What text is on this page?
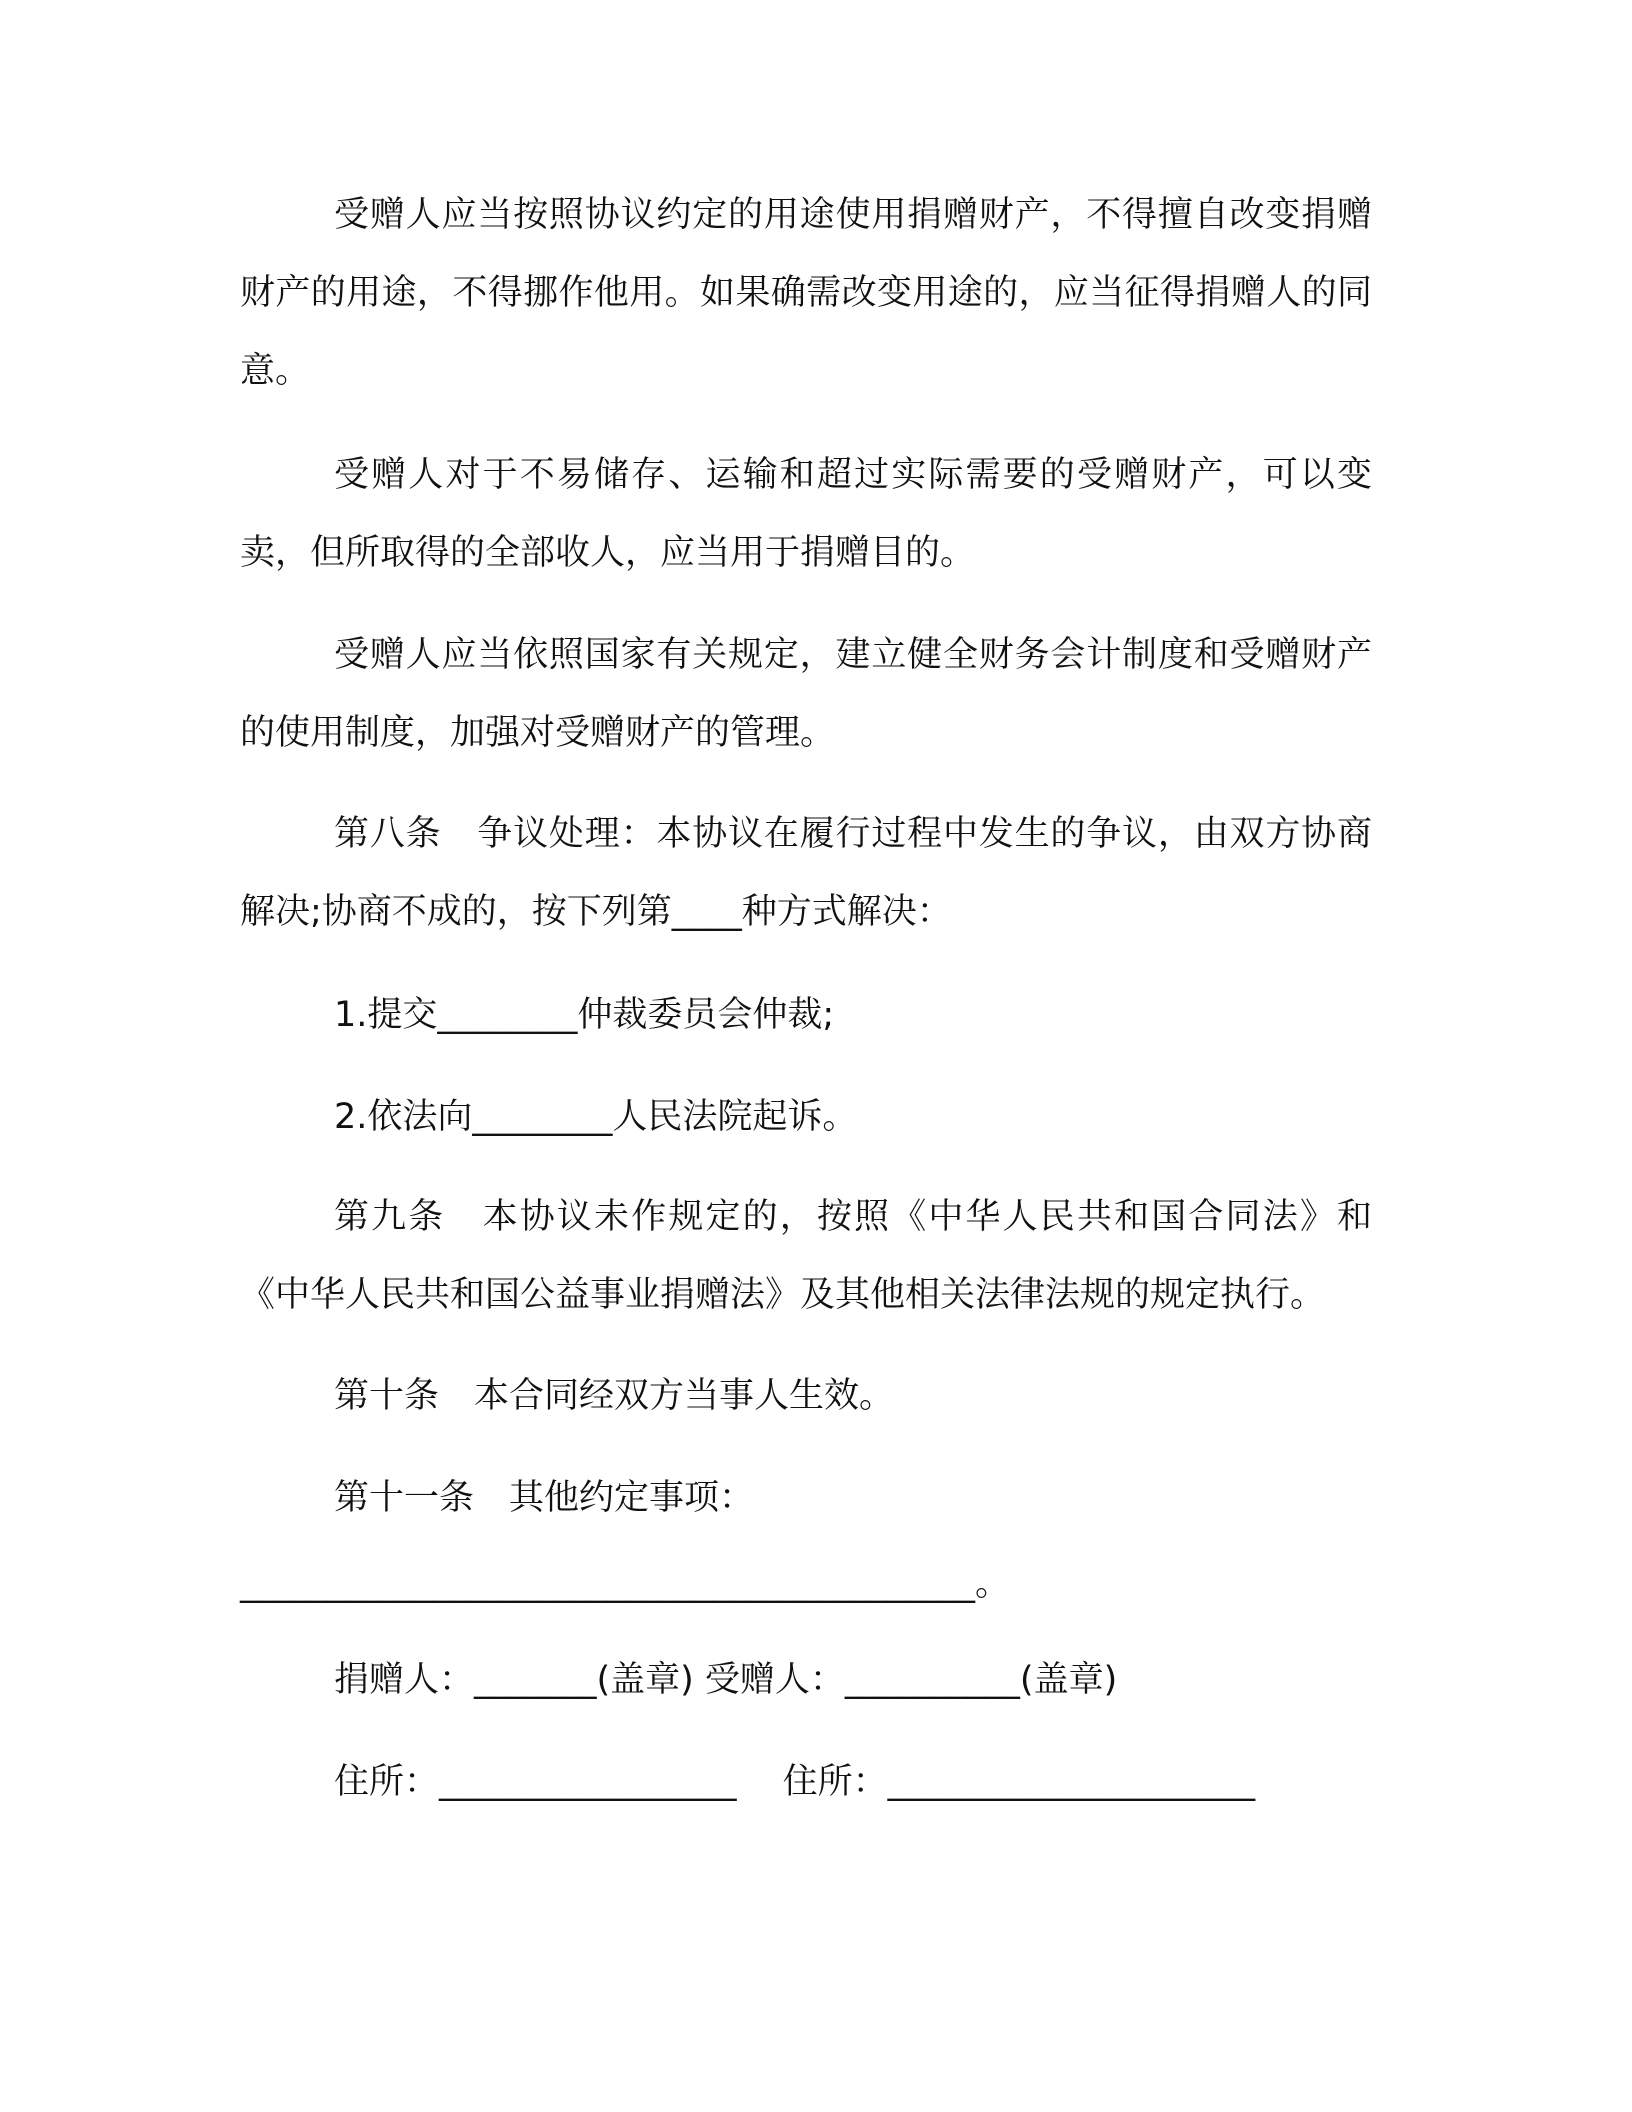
受赠人应当按照协议约定的用途使用捐赠财产，不得擅自改变捐赠财产的用途，不得挪作他用。如果确需改变用途的，应当征得捐赠人的同意。

受赠人对于不易储存、运输和超过实际需要的受赠财产，可以变卖，但所取得的全部收人，应当用于捐赠目的。

受赠人应当依照国家有关规定，建立健全财务会计制度和受赠财产的使用制度，加强对受赠财产的管理。

第八条　争议处理：本协议在履行过程中发生的争议，由双方协商解决;协商不成的，按下列第____种方式解决：

1.提交________仲裁委员会仲裁;

2.依法向________人民法院起诉。

第九条　本协议未作规定的，按照《中华人民共和国合同法》和《中华人民共和国公益事业捐赠法》及其他相关法律法规的规定执行。

第十条　本合同经双方当事人生效。

第十一条　其他约定事项：

__________________________________________。

捐赠人：_______(盖章) 受赠人：__________(盖章)

住所：_________________　 住所：_____________________
